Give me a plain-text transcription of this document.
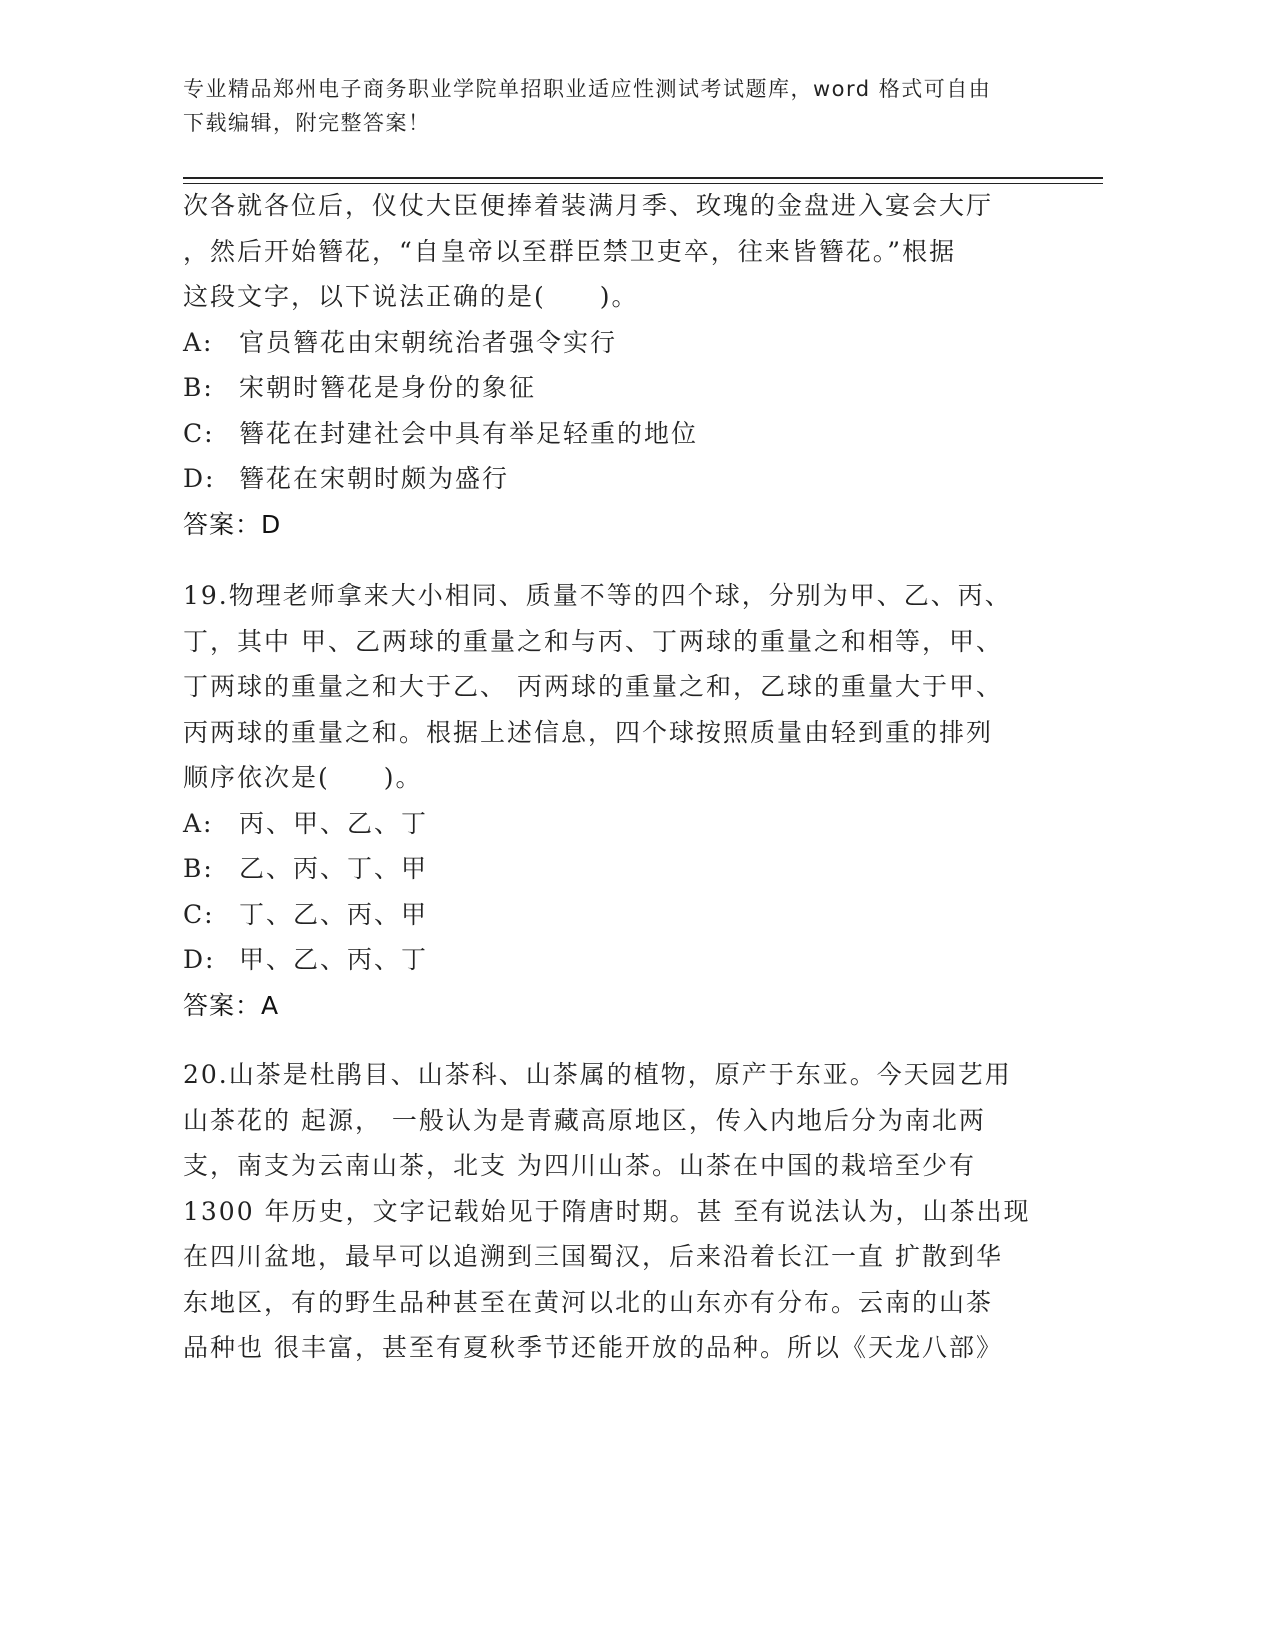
专业精品郑州电子商务职业学院单招职业适应性测试考试题库，word 格式可自由
下载编辑，附完整答案！

次各就各位后，仪仗大臣便捧着装满月季、玫瑰的金盘进入宴会大厅

，然后开始簪花，“自皇帝以至群臣禁卫吏卒，往来皆簪花。”根据

这段文字，以下说法正确的是(　　)。

A: 官员簪花由宋朝统治者强令实行

B: 宋朝时簪花是身份的象征

C: 簪花在封建社会中具有举足轻重的地位

D: 簪花在宋朝时颇为盛行

答案：D

19.物理老师拿来大小相同、质量不等的四个球，分别为甲、乙、丙、

丁，其中 甲、乙两球的重量之和与丙、丁两球的重量之和相等，甲、

丁两球的重量之和大于乙、 丙两球的重量之和，乙球的重量大于甲、

丙两球的重量之和。根据上述信息，四个球按照质量由轻到重的排列

顺序依次是(　　)。

A: 丙、甲、乙、丁

B: 乙、丙、丁、甲

C: 丁、乙、丙、甲

D: 甲、乙、丙、丁

答案：A

20.山茶是杜鹃目、山茶科、山茶属的植物，原产于东亚。今天园艺用

山茶花的 起源， 一般认为是青藏高原地区，传入内地后分为南北两

支，南支为云南山茶，北支 为四川山茶。山茶在中国的栽培至少有

1300 年历史，文字记载始见于隋唐时期。甚 至有说法认为，山茶出现

在四川盆地，最早可以追溯到三国蜀汉，后来沿着长江一直 扩散到华

东地区，有的野生品种甚至在黄河以北的山东亦有分布。云南的山茶

品种也 很丰富，甚至有夏秋季节还能开放的品种。所以《天龙八部》
